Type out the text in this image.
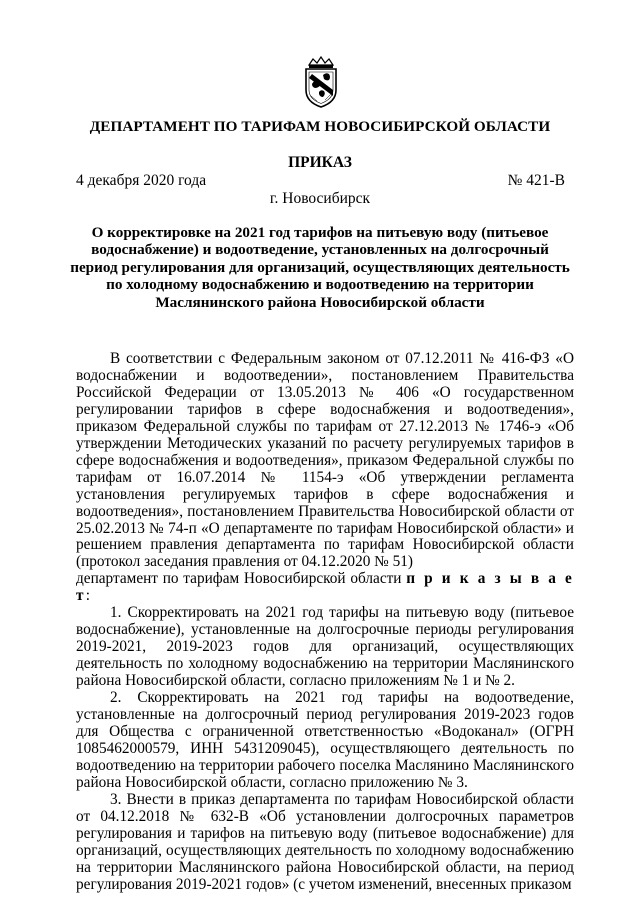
ДЕПАРТАМЕНТ ПО ТАРИФАМ НОВОСИБИРСКОЙ ОБЛАСТИ
ПРИКАЗ
4 декабря 2020 года	№ 421-В
г. Новосибирск
О корректировке на 2021 год тарифов на питьевую воду (питьевое водоснабжение) и водоотведение, установленных на долгосрочный период регулирования для организаций, осуществляющих деятельность по холодному водоснабжению и водоотведению на территории Маслянинского района Новосибирской области

В соответствии с Федеральным законом от 07.12.2011 № 416-ФЗ «О водоснабжении и водоотведении», постановлением Правительства Российской Федерации от 13.05.2013 № 406 «О государственном регулировании тарифов в сфере водоснабжения и водоотведения», приказом Федеральной службы по тарифам от 27.12.2013 № 1746-э «Об утверждении Методических указаний по расчету регулируемых тарифов в сфере водоснабжения и водоотведения», приказом Федеральной службы по тарифам от 16.07.2014 № 1154-э «Об утверждении регламента установления регулируемых тарифов в сфере водоснабжения и водоотведения», постановлением Правительства Новосибирской области от 25.02.2013 № 74-п «О департаменте по тарифам Новосибирской области» и решением правления департамента по тарифам Новосибирской области (протокол заседания правления от 04.12.2020 № 51)

департамент по тарифам Новосибирской области п р и к а з ы в а е т:

1. Скорректировать на 2021 год тарифы на питьевую воду (питьевое водоснабжение), установленные на долгосрочные периоды регулирования 2019-2021, 2019-2023 годов для организаций, осуществляющих деятельность по холодному водоснабжению на территории Маслянинского района Новосибирской области, согласно приложениям № 1 и № 2.

2. Скорректировать на 2021 год тарифы на водоотведение, установленные на долгосрочный период регулирования 2019-2023 годов для Общества с ограниченной ответственностью «Водоканал» (ОГРН 1085462000579, ИНН 5431209045), осуществляющего деятельность по водоотведению на территории рабочего поселка Маслянино Маслянинского района Новосибирской области, согласно приложению № 3.

3. Внести в приказ департамента по тарифам Новосибирской области от 04.12.2018 № 632-В «Об установлении долгосрочных параметров регулирования и тарифов на питьевую воду (питьевое водоснабжение) для организаций, осуществляющих деятельность по холодному водоснабжению на территории Маслянинского района Новосибирской области, на период регулирования 2019-2021 годов» (с учетом изменений, внесенных приказом
